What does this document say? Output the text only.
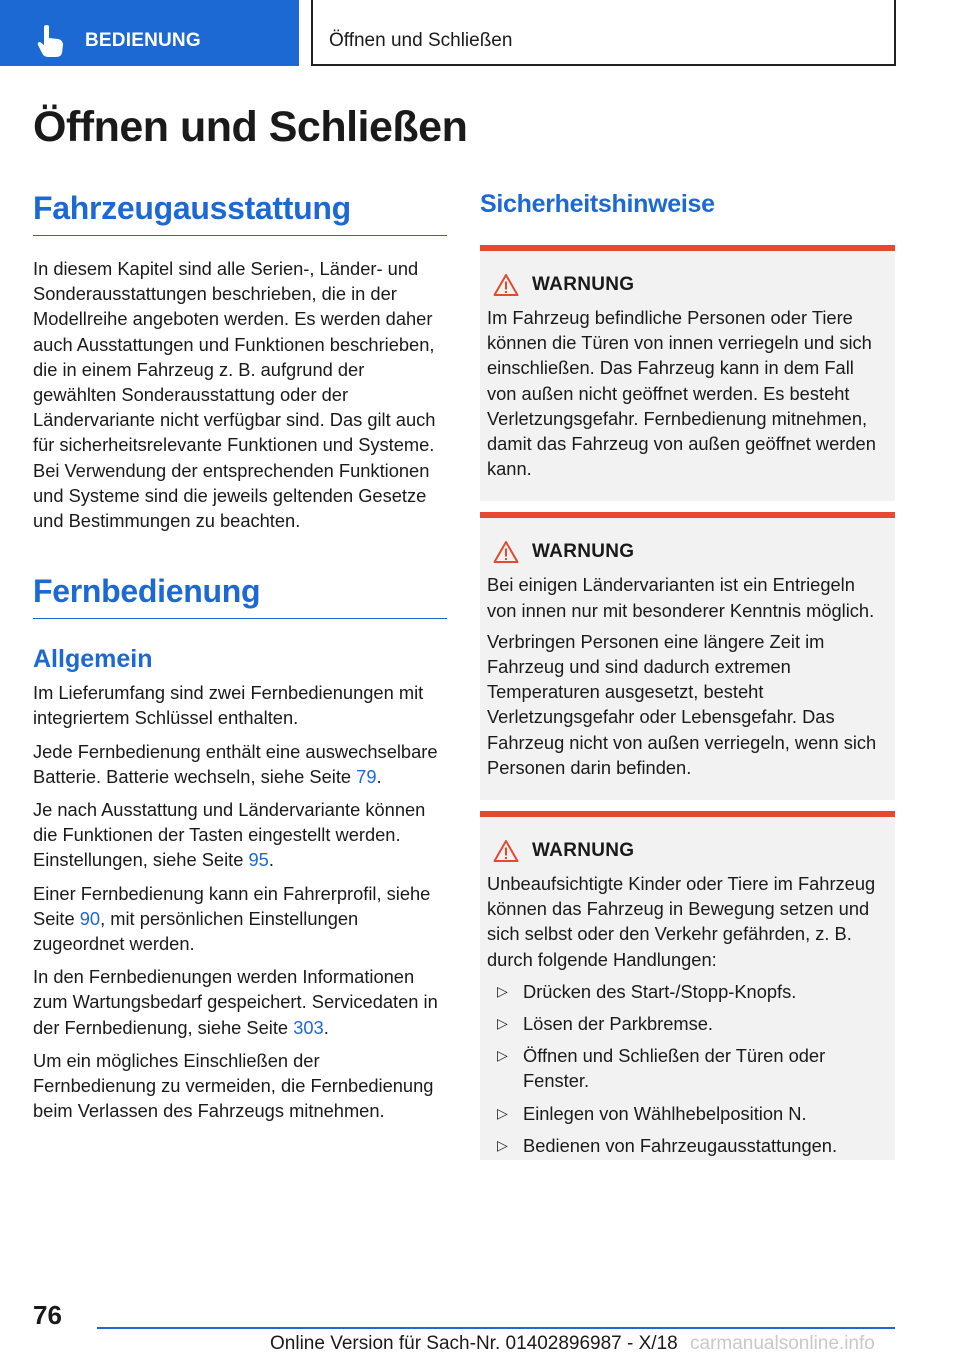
BEDIENUNG	Öffnen und Schließen
Öffnen und Schließen
Fahrzeugausstattung

In diesem Kapitel sind alle Serien-, Länder- und Sonderausstattungen beschrieben, die in der Modellreihe angeboten werden. Es werden daher auch Ausstattungen und Funktionen beschrieben, die in einem Fahrzeug z. B. aufgrund der gewählten Sonderausstattung oder der Ländervariante nicht verfügbar sind. Das gilt auch für sicherheitsrelevante Funktionen und Systeme. Bei Verwendung der entsprechenden Funktionen und Systeme sind die jeweils geltenden Gesetze und Bestimmungen zu beachten.

Fernbedienung
Allgemein

Im Lieferumfang sind zwei Fernbedienungen mit integriertem Schlüssel enthalten.

Jede Fernbedienung enthält eine auswechselbare Batterie. Batterie wechseln, siehe Seite 79.

Je nach Ausstattung und Ländervariante können die Funktionen der Tasten eingestellt werden. Einstellungen, siehe Seite 95.

Einer Fernbedienung kann ein Fahrerprofil, siehe Seite 90, mit persönlichen Einstellungen zugeordnet werden.

In den Fernbedienungen werden Informationen zum Wartungsbedarf gespeichert. Servicedaten in der Fernbedienung, siehe Seite 303.

Um ein mögliches Einschließen der Fernbedienung zu vermeiden, die Fernbedienung beim Verlassen des Fahrzeugs mitnehmen.

Sicherheitshinweise
WARNUNG

Im Fahrzeug befindliche Personen oder Tiere können die Türen von innen verriegeln und sich einschließen. Das Fahrzeug kann in dem Fall von außen nicht geöffnet werden. Es besteht Verletzungsgefahr. Fernbedienung mitnehmen, damit das Fahrzeug von außen geöffnet werden kann.

WARNUNG

Bei einigen Ländervarianten ist ein Entriegeln von innen nur mit besonderer Kenntnis möglich.

Verbringen Personen eine längere Zeit im Fahrzeug und sind dadurch extremen Temperaturen ausgesetzt, besteht Verletzungsgefahr oder Lebensgefahr. Das Fahrzeug nicht von außen verriegeln, wenn sich Personen darin befinden.

WARNUNG

Unbeaufsichtigte Kinder oder Tiere im Fahrzeug können das Fahrzeug in Bewegung setzen und sich selbst oder den Verkehr gefährden, z. B. durch folgende Handlungen:

▷ Drücken des Start-/Stopp-Knopfs.
▷ Lösen der Parkbremse.
▷ Öffnen und Schließen der Türen oder Fenster.
▷ Einlegen von Wählhebelposition N.
▷ Bedienen von Fahrzeugausstattungen.
76
Online Version für Sach-Nr. 01402896987 - X/18 carmanualsonline.info
